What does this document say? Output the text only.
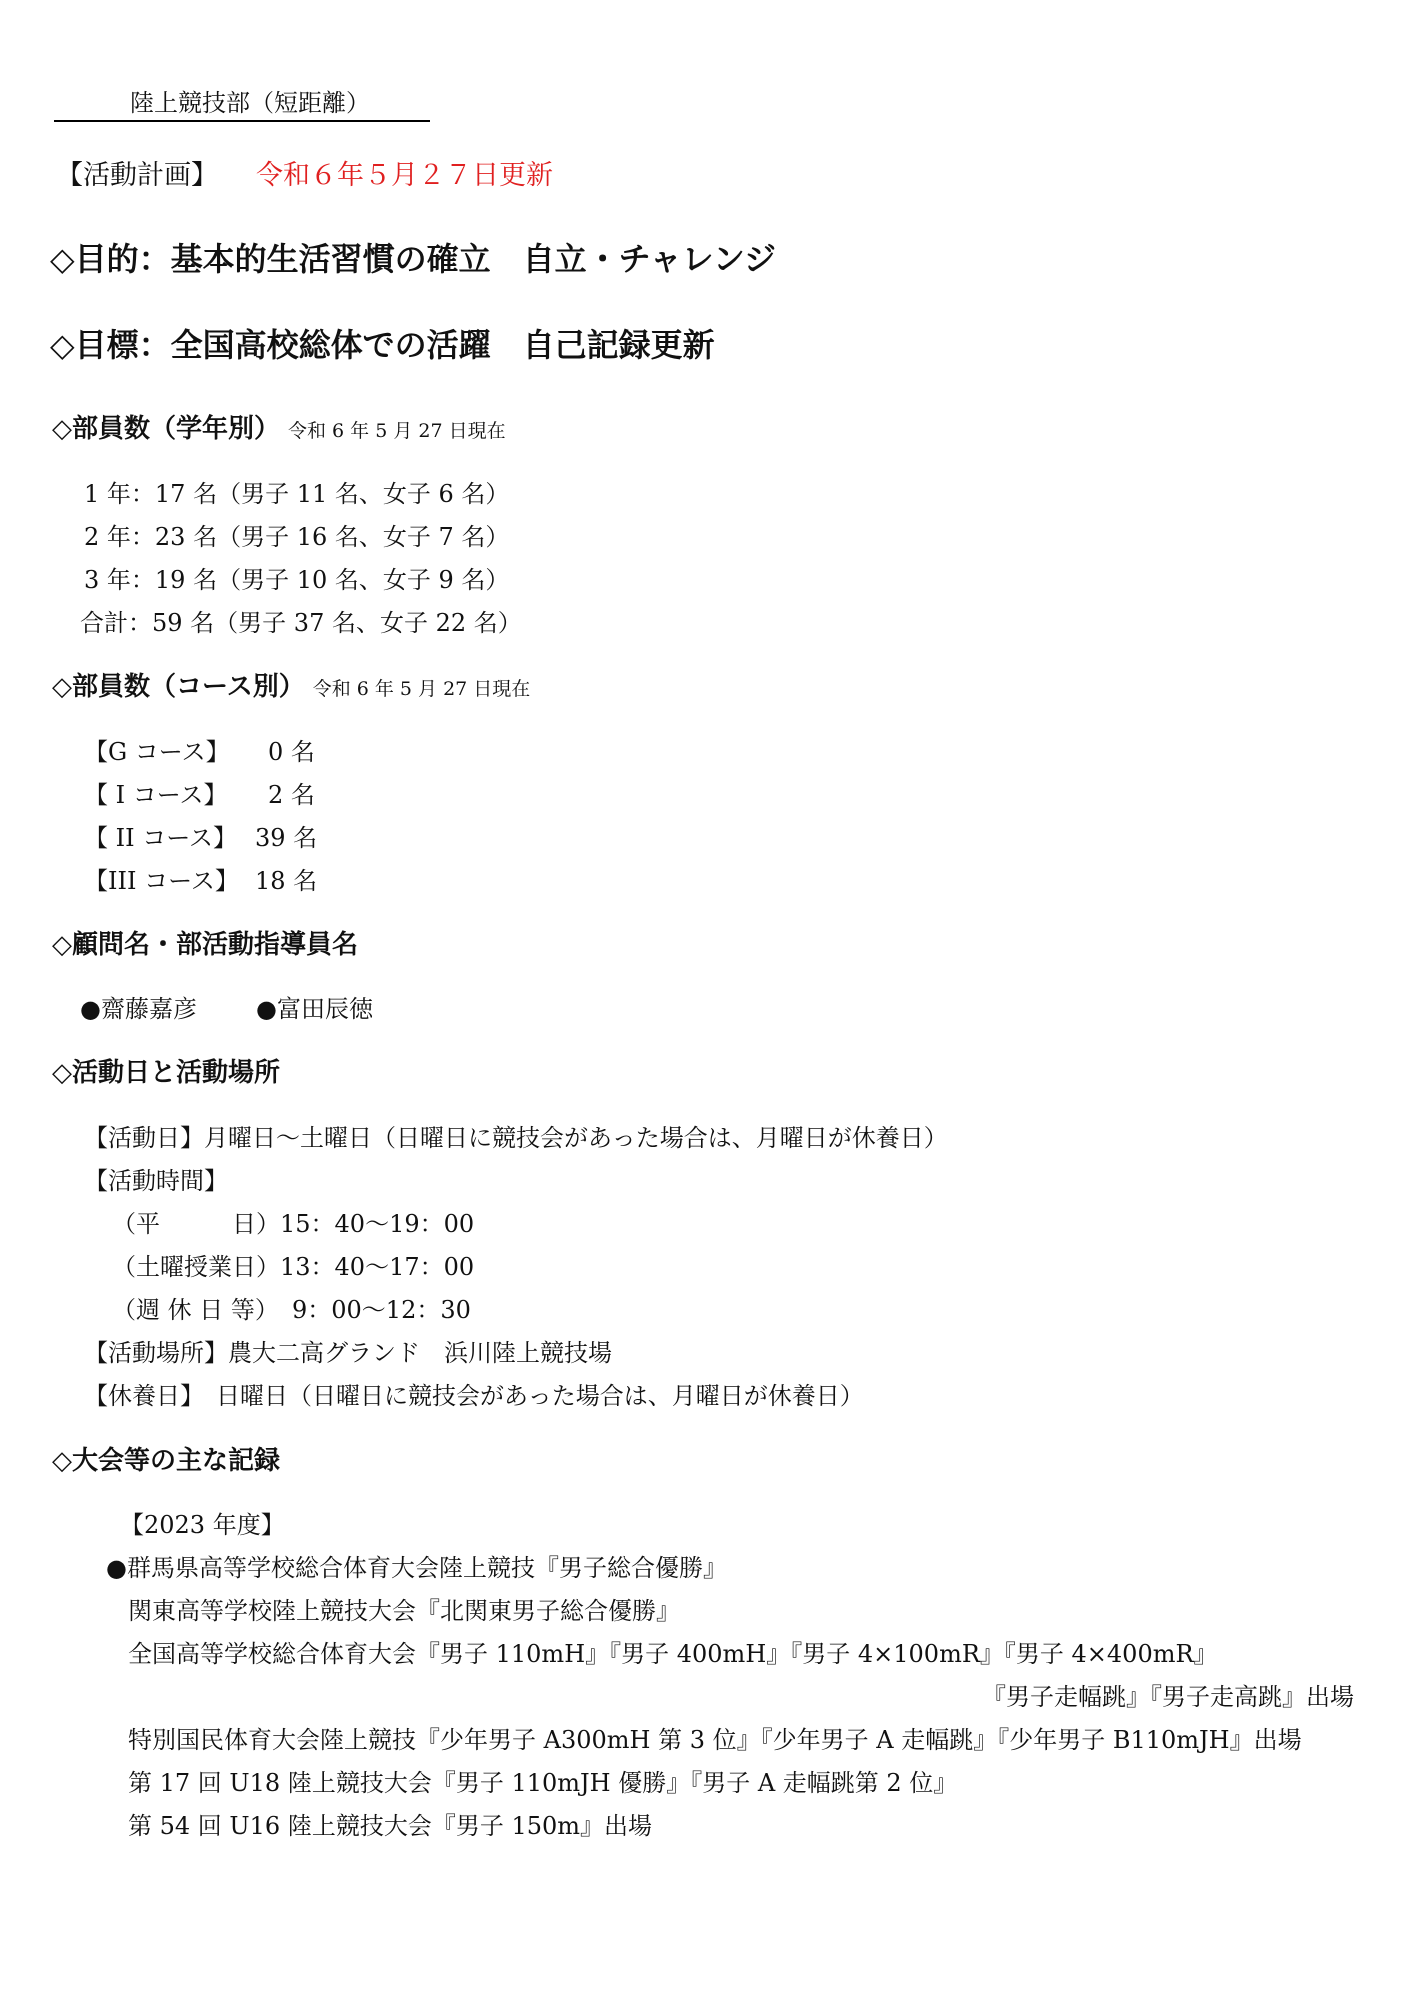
陸上競技部（短距離）
【活動計画】 令和６年５月２７日更新
◇目的：基本的生活習慣の確立　自立・チャレンジ
◇目標：全国高校総体での活躍　自己記録更新
◇部員数（学年別） 令和 6 年 5 月 27 日現在
1 年：17 名（男子 11 名、女子 6 名）
2 年：23 名（男子 16 名、女子 7 名）
3 年：19 名（男子 10 名、女子 9 名）
合計：59 名（男子 37 名、女子 22 名）
◇部員数（コース別） 令和 6 年 5 月 27 日現在
【G コース】 0 名
【 I コース】 2 名
【 II コース】 39 名
【III コース】 18 名
◇顧問名・部活動指導員名
●齋藤嘉彦 ●富田辰徳
◇活動日と活動場所
【活動日】月曜日～土曜日（日曜日に競技会があった場合は、月曜日が休養日）
【活動時間】
（平　　　日） 15：40～19：00
（土曜授業日） 13：40～17：00
（週 休 日 等） 9：00～12：30
【活動場所】農大二高グランド　浜川陸上競技場
【休養日】　日曜日（日曜日に競技会があった場合は、月曜日が休養日）
◇大会等の主な記録
【2023 年度】
●群馬県高等学校総合体育大会陸上競技『男子総合優勝』
関東高等学校陸上競技大会『北関東男子総合優勝』
全国高等学校総合体育大会『男子 110mH』『男子 400mH』『男子 4×100mR』『男子 4×400mR』
『男子走幅跳』『男子走高跳』出場
特別国民体育大会陸上競技『少年男子 A300mH 第 3 位』『少年男子 A 走幅跳』『少年男子 B110mJH』出場
第 17 回 U18 陸上競技大会『男子 110mJH 優勝』『男子 A 走幅跳第 2 位』
第 54 回 U16 陸上競技大会『男子 150m』出場
